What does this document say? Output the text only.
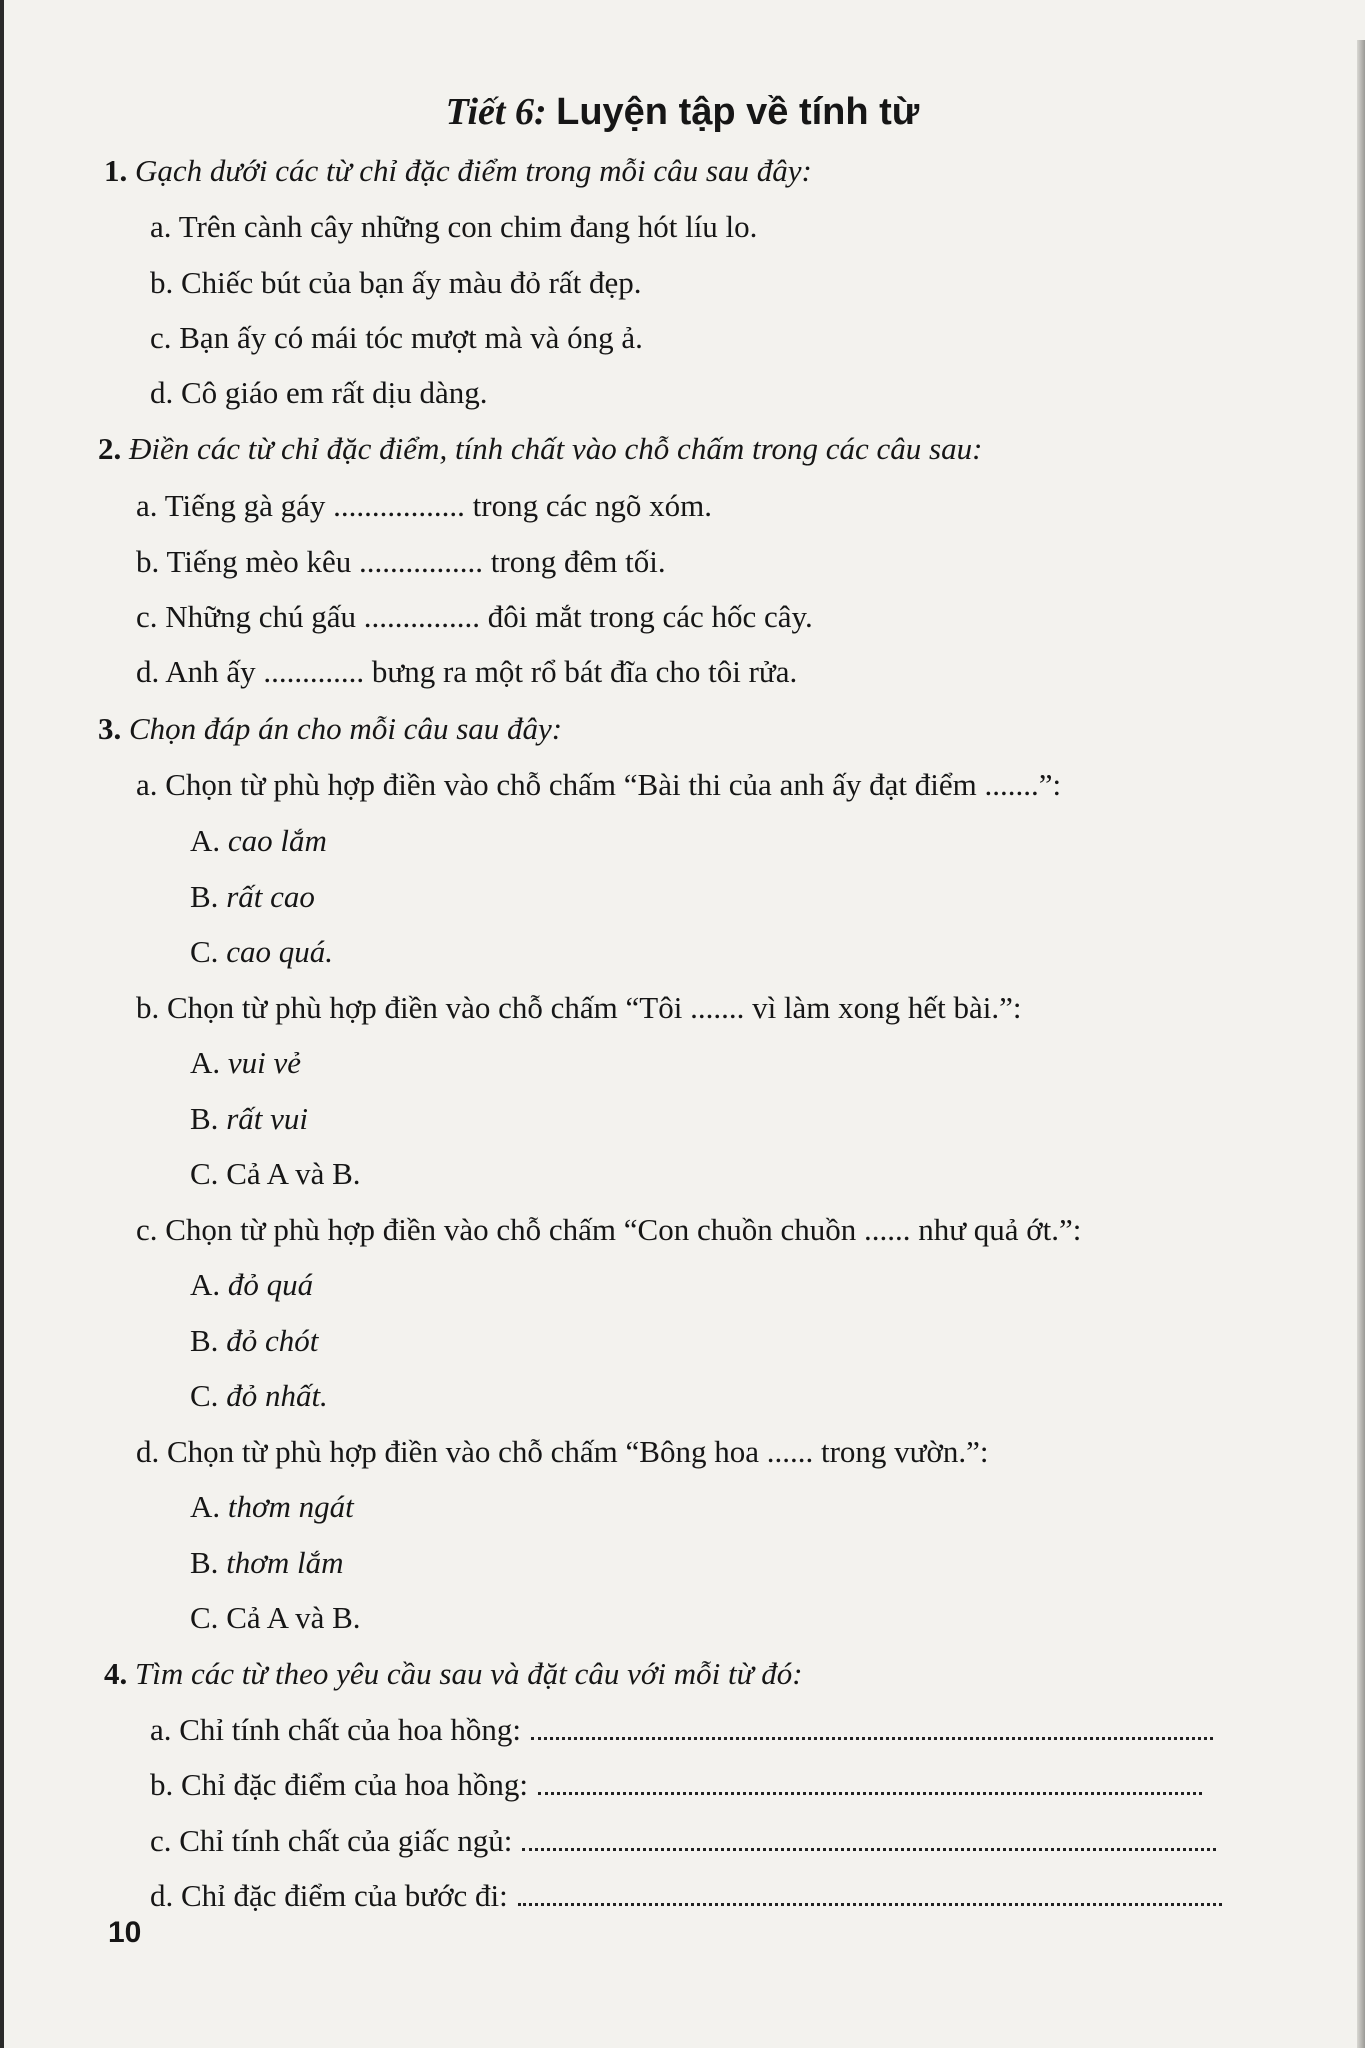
Tiết 6: Luyện tập về tính từ
1. Gạch dưới các từ chỉ đặc điểm trong mỗi câu sau đây:
a. Trên cành cây những con chim đang hót líu lo.
b. Chiếc bút của bạn ấy màu đỏ rất đẹp.
c. Bạn ấy có mái tóc mượt mà và óng ả.
d. Cô giáo em rất dịu dàng.
2. Điền các từ chỉ đặc điểm, tính chất vào chỗ chấm trong các câu sau:
a. Tiếng gà gáy ................. trong các ngõ xóm.
b. Tiếng mèo kêu ................ trong đêm tối.
c. Những chú gấu ............... đôi mắt trong các hốc cây.
d. Anh ấy ............. bưng ra một rổ bát đĩa cho tôi rửa.
3. Chọn đáp án cho mỗi câu sau đây:
a. Chọn từ phù hợp điền vào chỗ chấm “Bài thi của anh ấy đạt điểm .......”:
A. cao lắm
B. rất cao
C. cao quá.
b. Chọn từ phù hợp điền vào chỗ chấm “Tôi ....... vì làm xong hết bài.”:
A. vui vẻ
B. rất vui
C. Cả A và B.
c. Chọn từ phù hợp điền vào chỗ chấm “Con chuồn chuồn ...... như quả ớt.”:
A. đỏ quá
B. đỏ chót
C. đỏ nhất.
d. Chọn từ phù hợp điền vào chỗ chấm “Bông hoa ...... trong vườn.”:
A. thơm ngát
B. thơm lắm
C. Cả A và B.
4. Tìm các từ theo yêu cầu sau và đặt câu với mỗi từ đó:
a. Chỉ tính chất của hoa hồng:
b. Chỉ đặc điểm của hoa hồng:
c. Chỉ tính chất của giấc ngủ:
d. Chỉ đặc điểm của bước đi:
10
